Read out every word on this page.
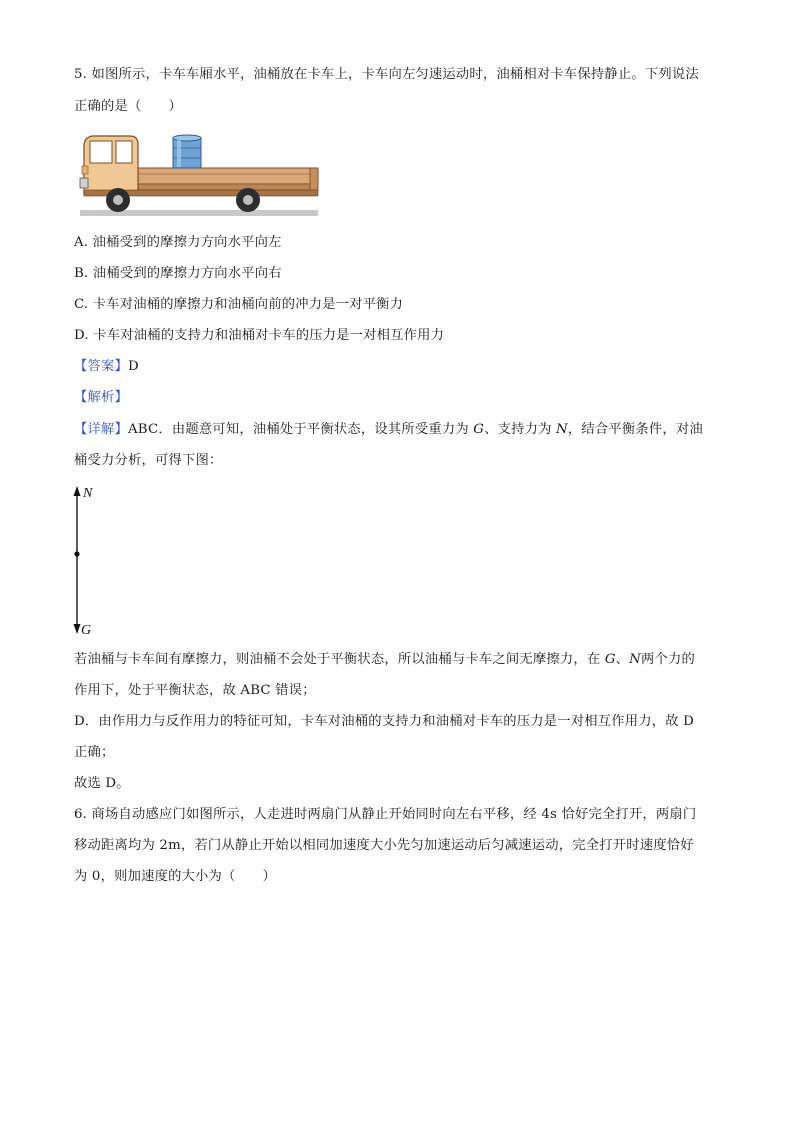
5. 如图所示，卡车车厢水平，油桶放在卡车上，卡车向左匀速运动时，油桶相对卡车保持静止。下列说法
正确的是（　　）
A. 油桶受到的摩擦力方向水平向左
B. 油桶受到的摩擦力方向水平向右
C. 卡车对油桶的摩擦力和油桶向前的冲力是一对平衡力
D. 卡车对油桶的支持力和油桶对卡车的压力是一对相互作用力
【答案】D
【解析】
【详解】ABC．由题意可知，油桶处于平衡状态，设其所受重力为 G、支持力为 N，结合平衡条件，对油
桶受力分析，可得下图：
N
G
若油桶与卡车间有摩擦力，则油桶不会处于平衡状态，所以油桶与卡车之间无摩擦力，在 G、N两个力的
作用下，处于平衡状态，故 ABC 错误；
D．由作用力与反作用力的特征可知，卡车对油桶的支持力和油桶对卡车的压力是一对相互作用力，故 D
正确；
故选 D。
6. 商场自动感应门如图所示，人走进时两扇门从静止开始同时向左右平移，经 4s 恰好完全打开，两扇门
移动距离均为 2m，若门从静止开始以相同加速度大小先匀加速运动后匀减速运动，完全打开时速度恰好
为 0，则加速度的大小为（　　）
